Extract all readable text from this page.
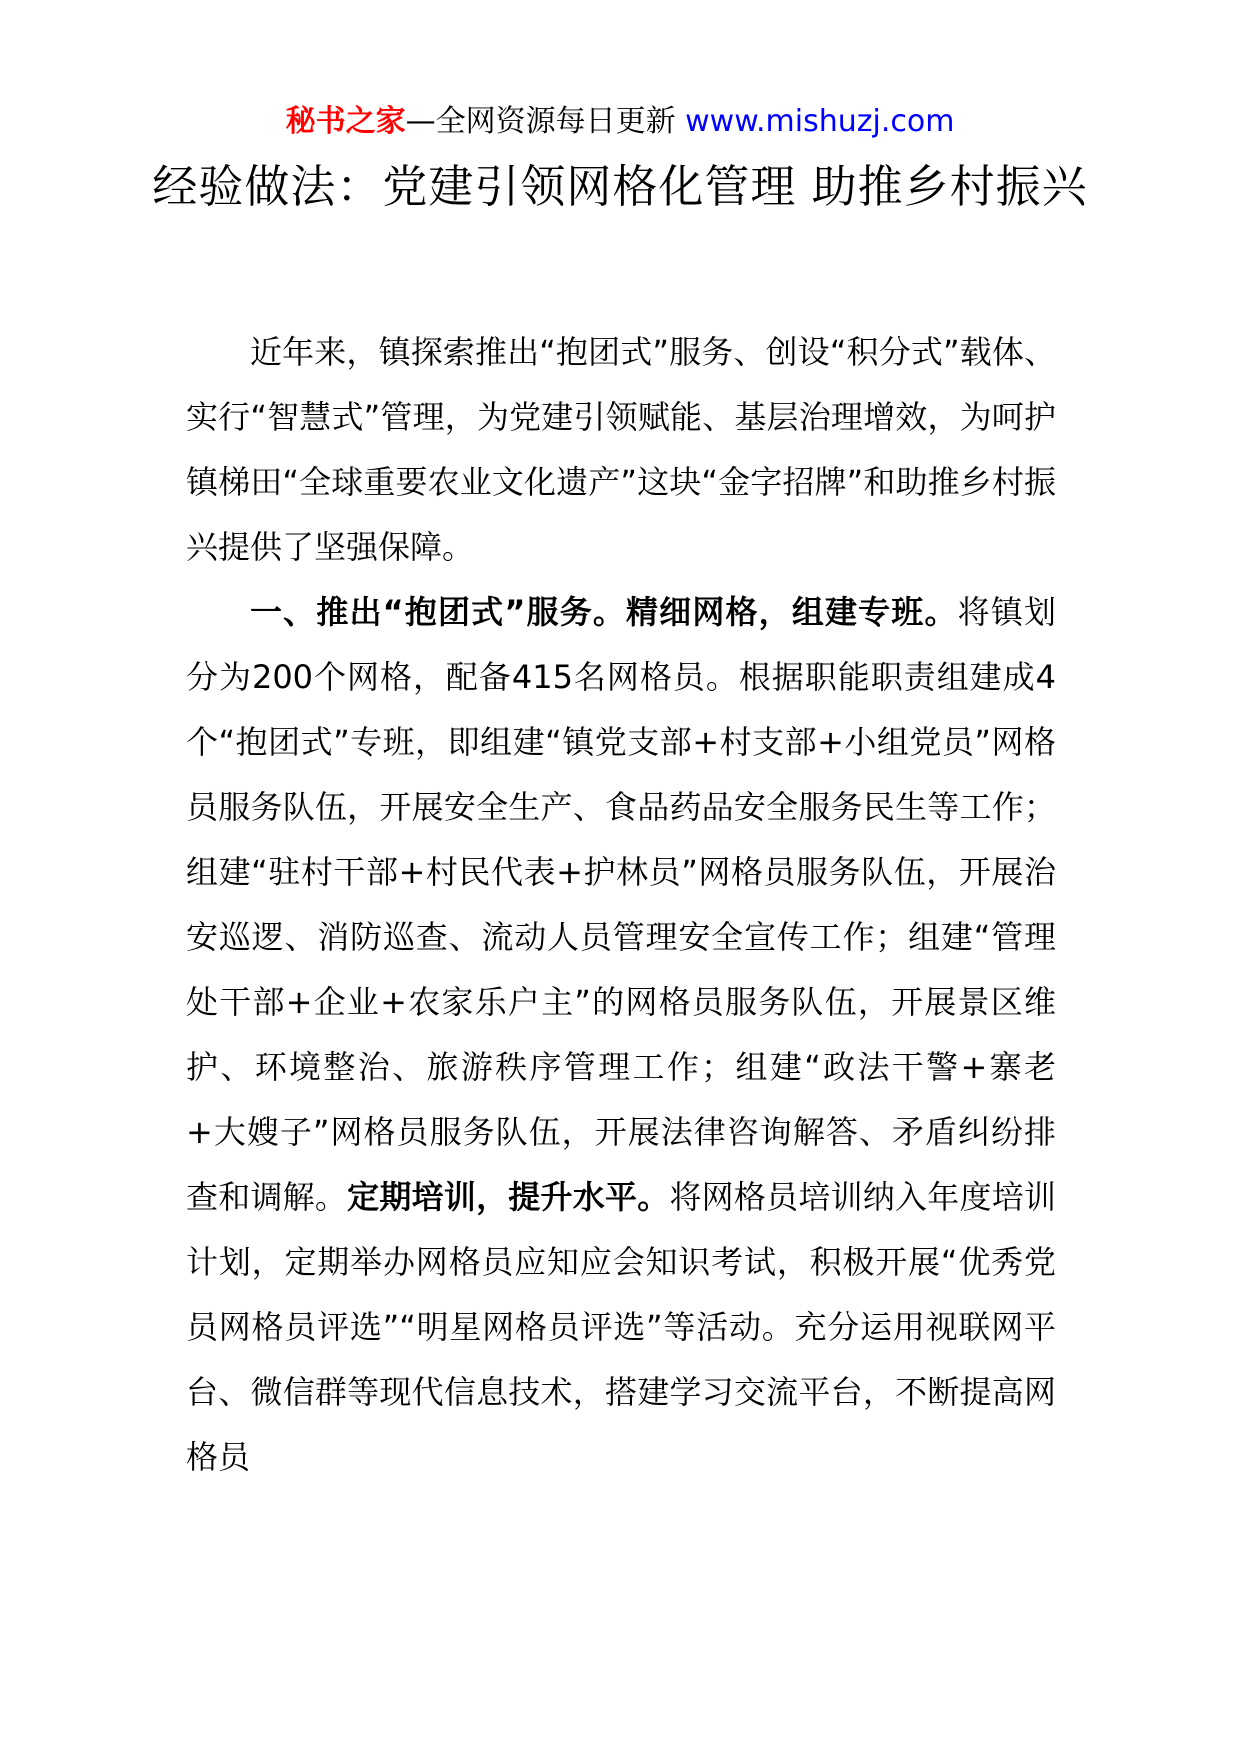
秘书之家—全网资源每日更新 www.mishuzj.com
经验做法：党建引领网格化管理 助推乡村振兴

近年来，镇探索推出“抱团式”服务、创设“积分式”载体、实行“智慧式”管理，为党建引领赋能、基层治理增效，为呵护镇梯田“全球重要农业文化遗产”这块“金字招牌”和助推乡村振兴提供了坚强保障。

一、推出“抱团式”服务。精细网格，组建专班。将镇划分为200个网格，配备415名网格员。根据职能职责组建成4个“抱团式”专班，即组建“镇党支部+村支部+小组党员”网格员服务队伍，开展安全生产、食品药品安全服务民生等工作；组建“驻村干部+村民代表+护林员”网格员服务队伍，开展治安巡逻、消防巡查、流动人员管理安全宣传工作；组建“管理处干部+企业+农家乐户主”的网格员服务队伍，开展景区维护、环境整治、旅游秩序管理工作；组建“政法干警+寨老+大嫂子”网格员服务队伍，开展法律咨询解答、矛盾纠纷排查和调解。定期培训，提升水平。将网格员培训纳入年度培训计划，定期举办网格员应知应会知识考试，积极开展“优秀党员网格员评选”“明星网格员评选”等活动。充分运用视联网平台、微信群等现代信息技术，搭建学习交流平台，不断提高网格员
